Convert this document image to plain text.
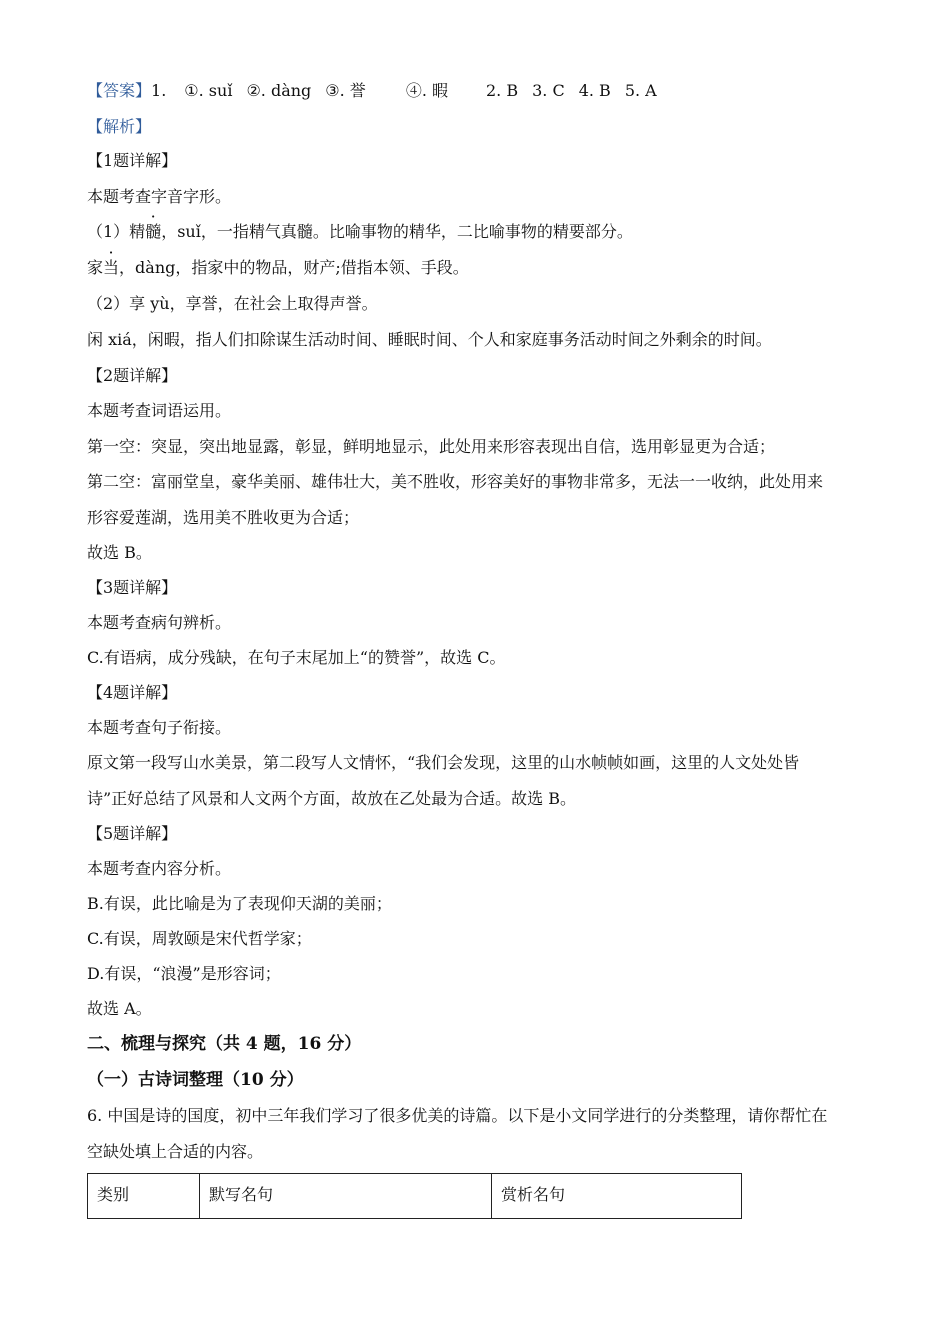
【答案】1. ①. suǐ ②. dàng ③. 誉	④. 暇 2. B 3. C 4. B 5. A
【解析】
【1题详解】
本题考查字音字形。
（1）精髓，suǐ，一指精气真髓。比喻事物的精华，二比喻事物的精要部分。
家当，dàng，指家中的物品，财产;借指本领、手段。
（2）享 yù，享誉，在社会上取得声誉。
闲 xiá，闲暇，指人们扣除谋生活动时间、睡眠时间、个人和家庭事务活动时间之外剩余的时间。
【2题详解】
本题考查词语运用。
第一空：突显，突出地显露，彰显，鲜明地显示，此处用来形容表现出自信，选用彰显更为合适；
第二空：富丽堂皇，豪华美丽、雄伟壮大，美不胜收，形容美好的事物非常多，无法一一收纳，此处用来
形容爱莲湖，选用美不胜收更为合适；
故选 B。
【3题详解】
本题考查病句辨析。
C.有语病，成分残缺，在句子末尾加上“的赞誉”，故选 C。
【4题详解】
本题考查句子衔接。
原文第一段写山水美景，第二段写人文情怀，“我们会发现，这里的山水帧帧如画，这里的人文处处皆
诗”正好总结了风景和人文两个方面，故放在乙处最为合适。故选 B。
【5题详解】
本题考查内容分析。
B.有误，此比喻是为了表现仰天湖的美丽；
C.有误，周敦颐是宋代哲学家；
D.有误，“浪漫”是形容词；
故选 A。
二、梳理与探究（共 4 题，16 分）
（一）古诗词整理（10 分）
6. 中国是诗的国度，初中三年我们学习了很多优美的诗篇。以下是小文同学进行的分类整理，请你帮忙在
空缺处填上合适的内容。
类别	默写名句	赏析名句
